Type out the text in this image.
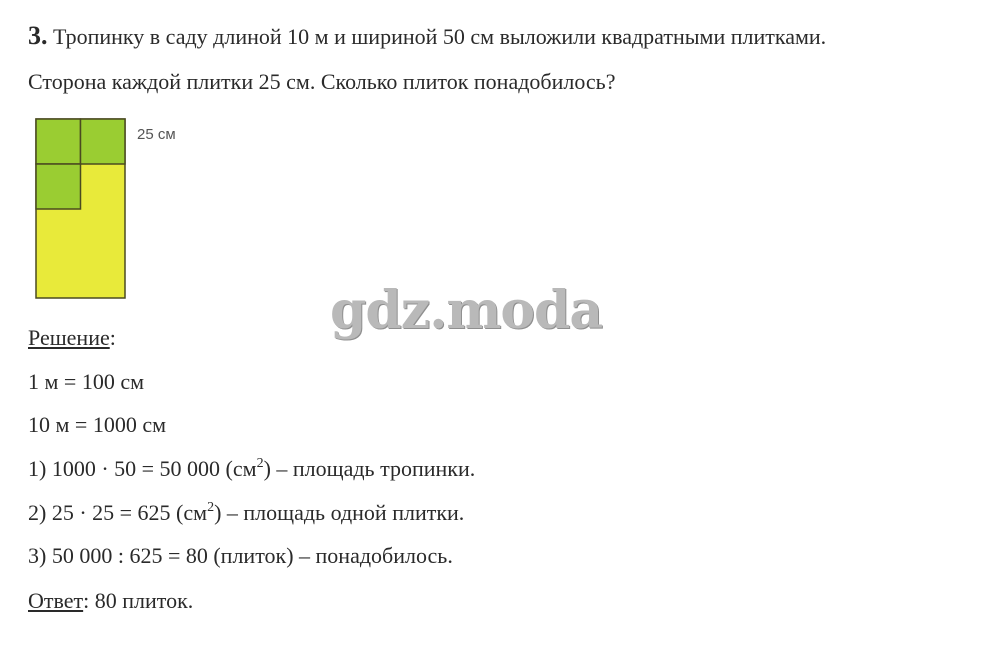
3. Тропинку в саду длиной 10 м и шириной 50 см выложили квадратными плитками.
Сторона каждой плитки 25 см. Сколько плиток понадобилось?
25 см
gdz.moda
Решение:
1 м = 100 см
10 м = 1000 см
1) 1000 · 50 = 50 000 $(см^2)$ – площадь тропинки.
2) 25 · 25 = 625 $(см^2)$ – площадь одной плитки.
3) 50 000 : 625 = 80 (плиток) – понадобилось.
Ответ: 80 плиток.
